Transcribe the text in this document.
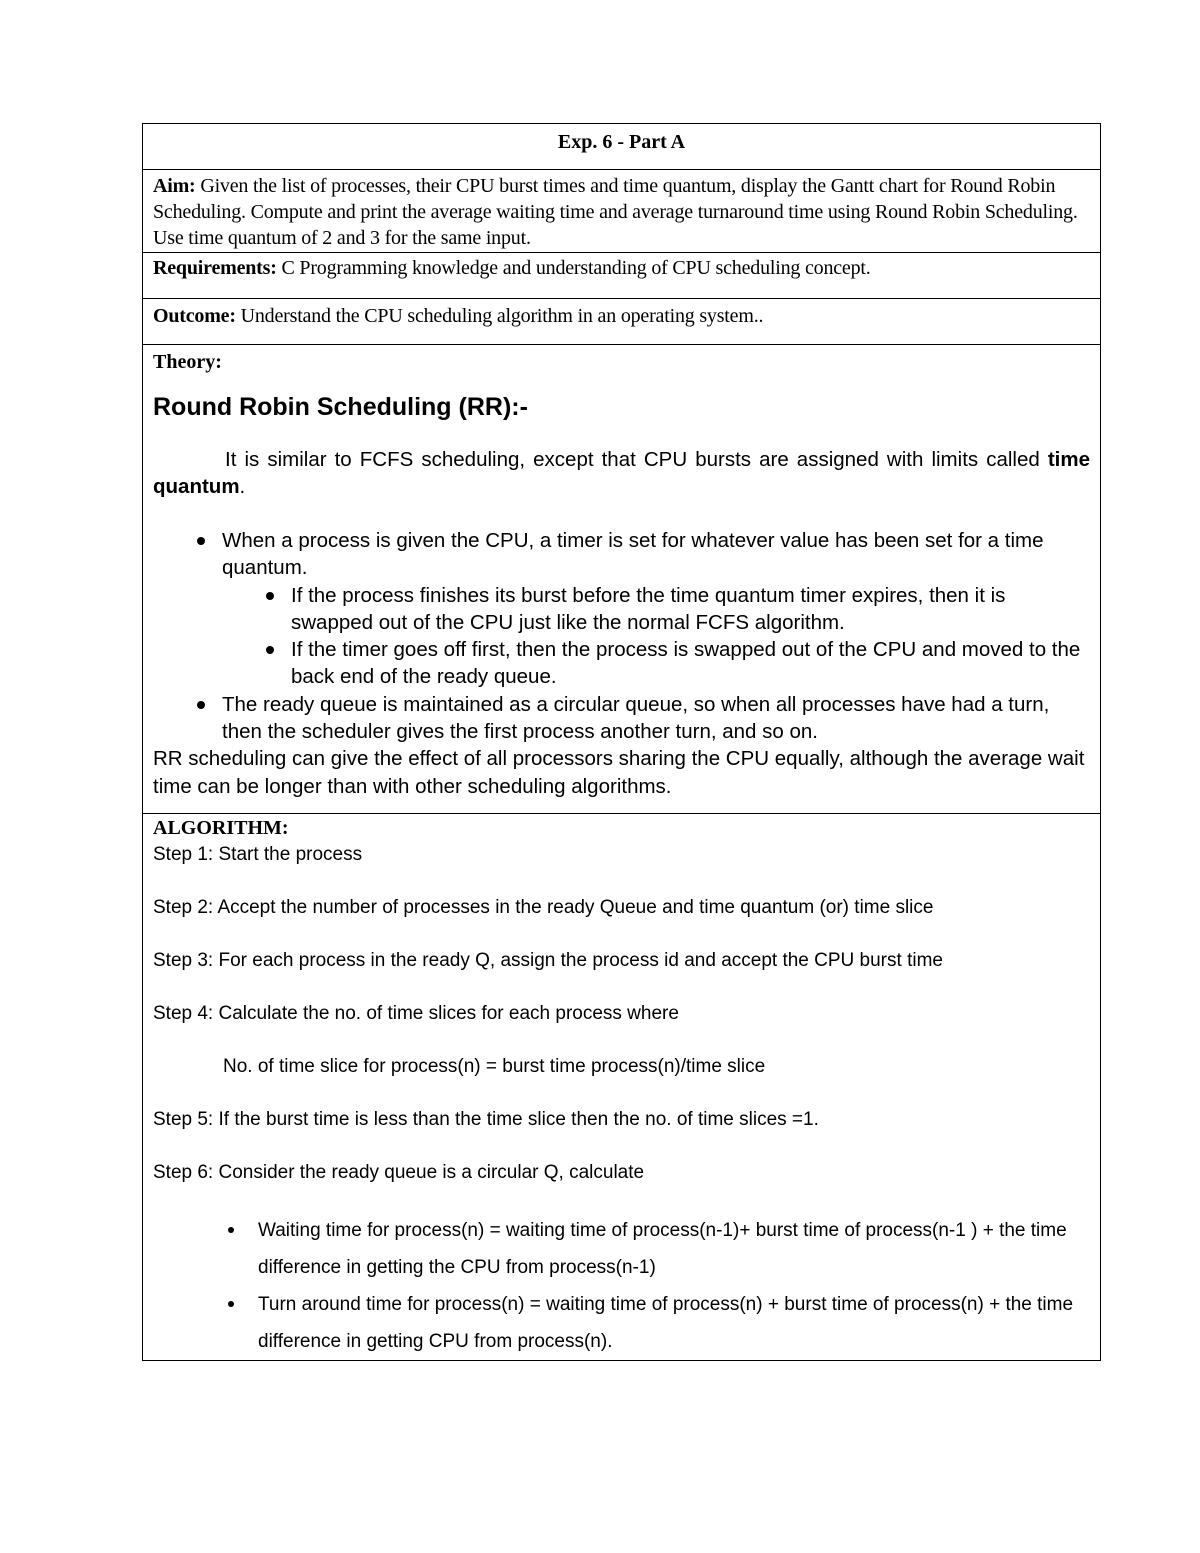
Exp. 6 - Part A
Aim: Given the list of processes, their CPU burst times and time quantum, display the Gantt chart for Round Robin Scheduling. Compute and print the average waiting time and average turnaround time using Round Robin Scheduling. Use time quantum of 2 and 3 for the same input.
Requirements: C Programming knowledge and understanding of CPU scheduling concept.
Outcome: Understand the CPU scheduling algorithm in an operating system..
Theory:
Round Robin Scheduling (RR):-
It is similar to FCFS scheduling, except that CPU bursts are assigned with limits called time quantum.
When a process is given the CPU, a timer is set for whatever value has been set for a time quantum.
If the process finishes its burst before the time quantum timer expires, then it is swapped out of the CPU just like the normal FCFS algorithm.
If the timer goes off first, then the process is swapped out of the CPU and moved to the back end of the ready queue.
The ready queue is maintained as a circular queue, so when all processes have had a turn, then the scheduler gives the first process another turn, and so on.
RR scheduling can give the effect of all processors sharing the CPU equally, although the average wait time can be longer than with other scheduling algorithms.
ALGORITHM:
Step 1: Start the process
Step 2: Accept the number of processes in the ready Queue and time quantum (or) time slice
Step 3: For each process in the ready Q, assign the process id and accept the CPU burst time
Step 4: Calculate the no. of time slices for each process where
No. of time slice for process(n) = burst time process(n)/time slice
Step 5: If the burst time is less than the time slice then the no. of time slices =1.
Step 6: Consider the ready queue is a circular Q, calculate
Waiting time for process(n) = waiting time of process(n-1)+ burst time of process(n-1 ) + the time difference in getting the CPU from process(n-1)
Turn around time for process(n) = waiting time of process(n) + burst time of process(n) + the time difference in getting CPU from process(n).
